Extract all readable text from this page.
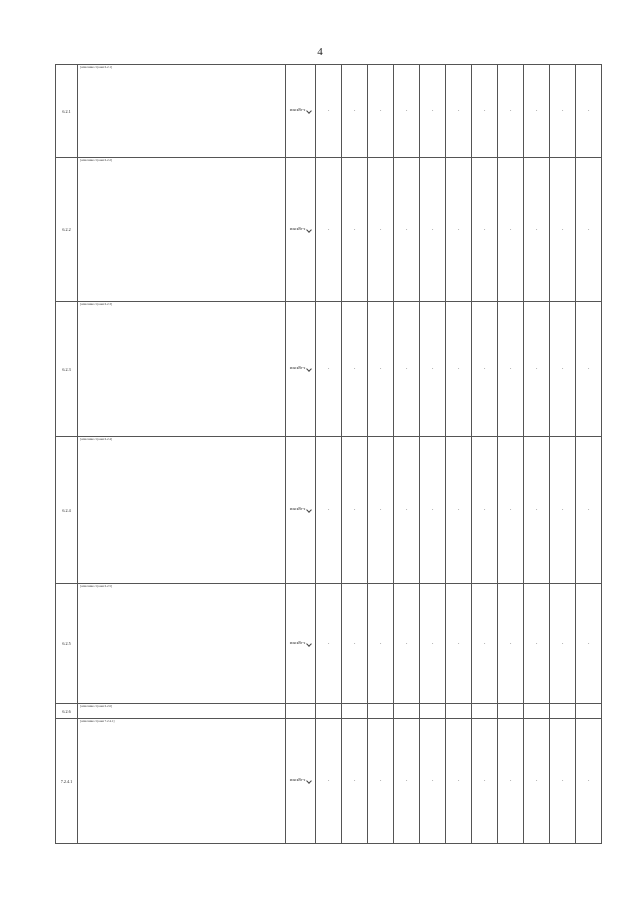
4
6.2.1	[описание строки 6.2.1]	млн кВт·ч	-	-	-	-	-	-	-	-	-	-	-
6.2.2	[описание строки 6.2.2]	млн кВт·ч	-	-	-	-	-	-	-	-	-	-	-
6.2.3	[описание строки 6.2.3]	млн кВт·ч	-	-	-	-	-	-	-	-	-	-	-
6.2.4	[описание строки 6.2.4]	млн кВт·ч	-	-	-	-	-	-	-	-	-	-	-
6.2.5	[описание строки 6.2.5]	млн кВт·ч	-	-	-	-	-	-	-	-	-	-	-
6.2.6	[описание строки 6.2.6]												
7.2.4.1	[описание строки 7.2.4.1]	млн кВт·ч	-	-	-	-	-	-	-	-	-	-	-
